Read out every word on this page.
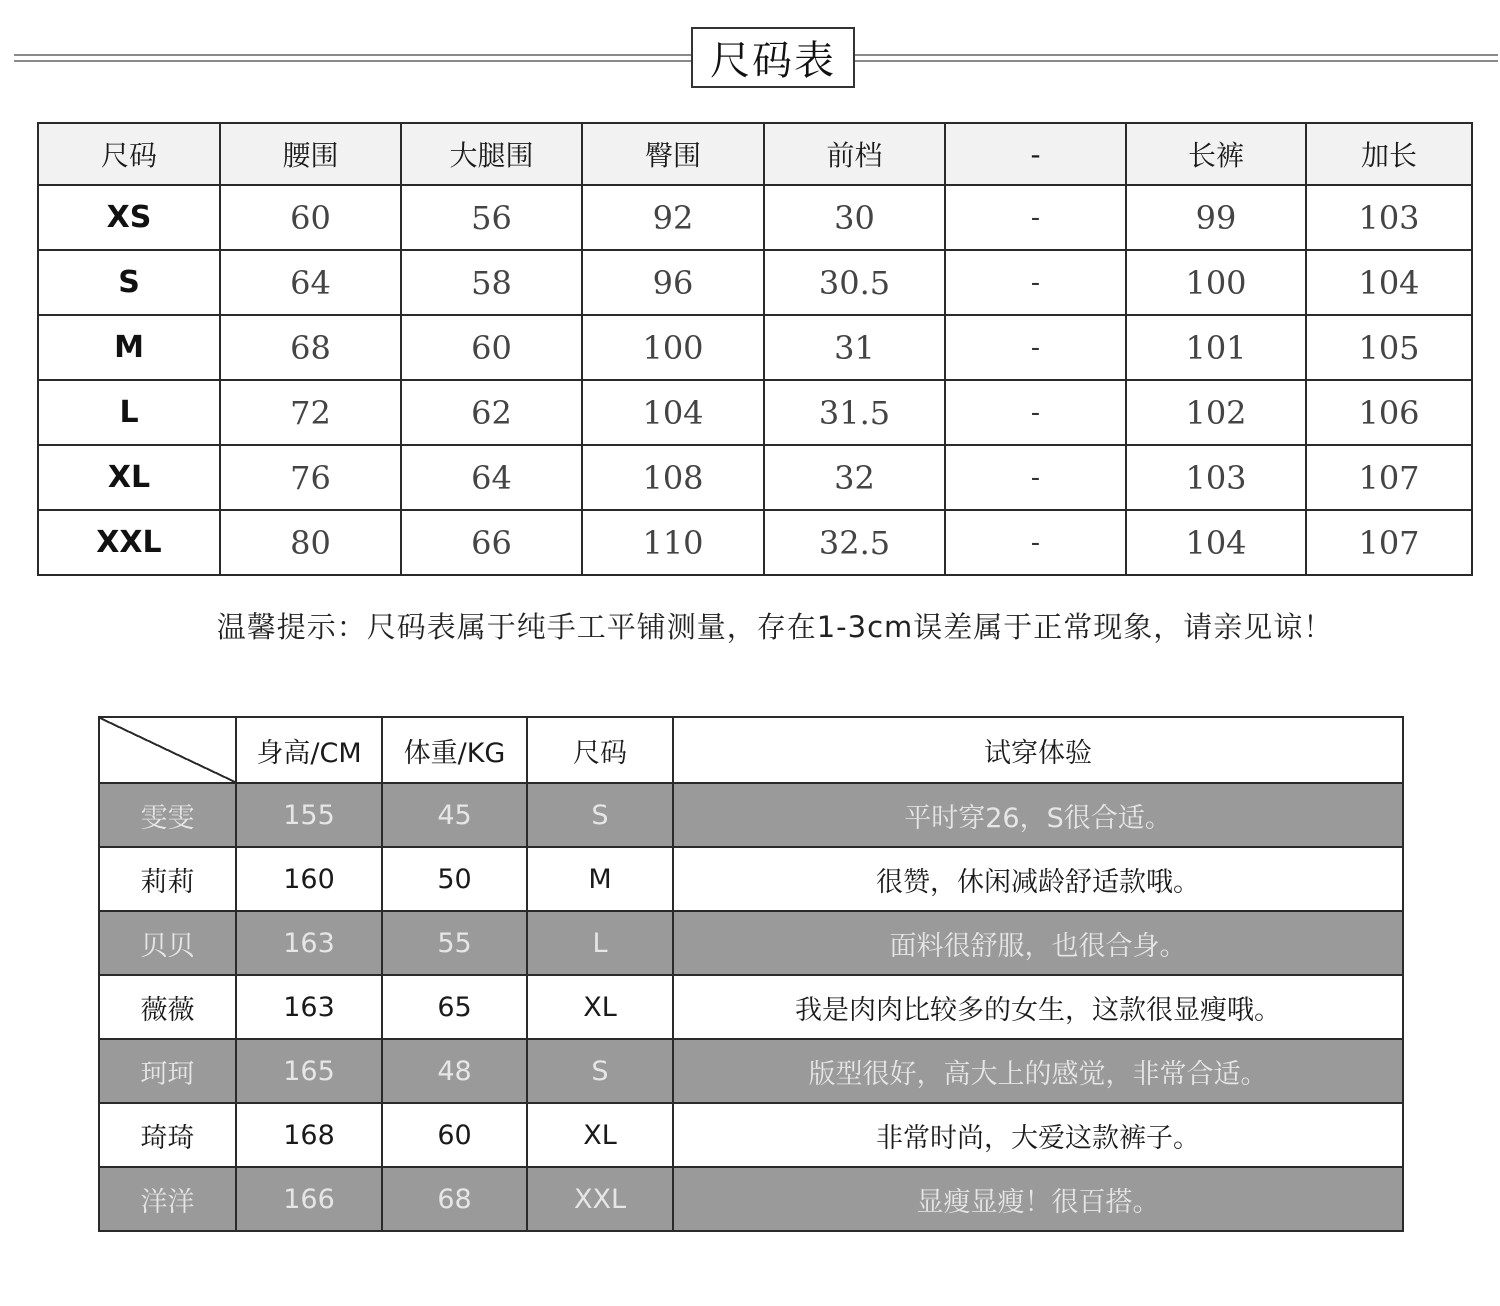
尺码表
尺码	腰围	大腿围	臀围	前档	-	长裤	加长
XS	60	56	92	30	-	99	103
S	64	58	96	30.5	-	100	104
M	68	60	100	31	-	101	105
L	72	62	104	31.5	-	102	106
XL	76	64	108	32	-	103	107
XXL	80	66	110	32.5	-	104	107
温馨提示：尺码表属于纯手工平铺测量，存在1-3cm误差属于正常现象，请亲见谅！
	身高/CM	体重/KG	尺码	试穿体验
雯雯	155	45	S	平时穿26，S很合适。
莉莉	160	50	M	很赞，休闲减龄舒适款哦。
贝贝	163	55	L	面料很舒服，也很合身。
薇薇	163	65	XL	我是肉肉比较多的女生，这款很显瘦哦。
珂珂	165	48	S	版型很好，高大上的感觉，非常合适。
琦琦	168	60	XL	非常时尚，大爱这款裤子。
洋洋	166	68	XXL	显瘦显瘦！很百搭。
